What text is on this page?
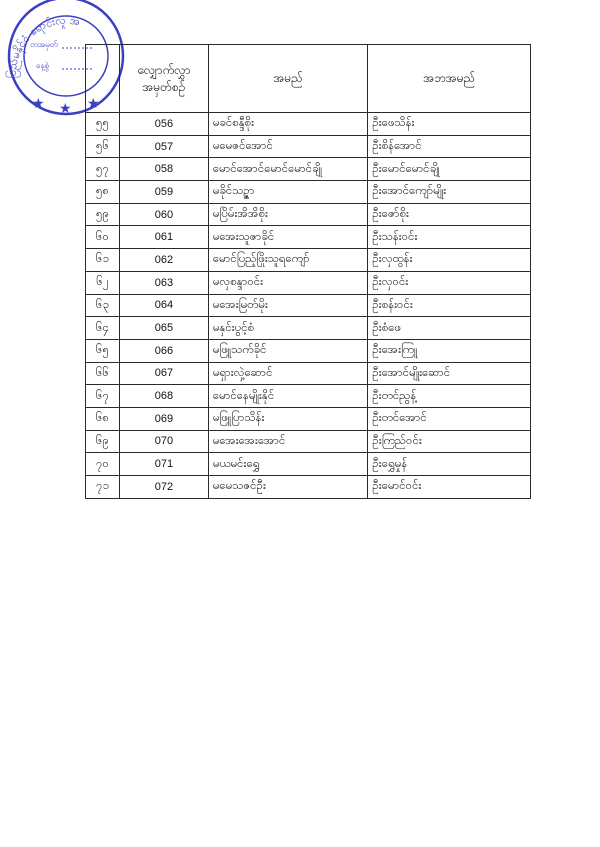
ပြည်မနိုင်ငံ ရောင်းလူ အ
တအမှတ်
နေ့စွဲ
★ ★ ★

	လျှောက်လွှာ
အမှတ်စဉ်	အမည်	အဘအမည်
၅၅	056	မခင်စန္ဒီစိုး	ဦးဖေသိန်း
၅၆	057	မမေဇင်အောင်	ဦးစိန်အောင်
၅၇	058	မောင်အောင်မောင်မောင်ချို	ဦးမောင်မောင်ချို
၅၈	059	မခိုင်သဥ္ဇာ	ဦးအောင်ကျော်မျိုး
၅၉	060	မပြိမ်းအိအိစိုး	ဦးဇော်စိုး
၆၀	061	မအေးသူဇာခိုင်	ဦးသန်းဝင်း
၆၁	062	မောင်ပြည့်ဖြိုးသူရကျော်	ဦးလှထွန်း
၆၂	063	မလှစန္ဒာဝင်း	ဦးလှဝင်း
၆၃	064	မအေးမြတ်မိုး	ဦးစန်းဝင်း
၆၄	065	မနှင်းပွင့်စံ	ဦးစံဖေ
၆၅	066	မဖြူသက်ခိုင်	ဦးအေးကြူ
၆၆	067	မရှားလှဲ့ဆောင်	ဦးအောင်မျိုးဆောင်
၆၇	068	မောင်နေမျိုးနိုင်	ဦးတင်ညွန့်
၆၈	069	မဖြူပြာသိန်း	ဦးတင်အောင်
၆၉	070	မအေးအေးအောင်	ဦးကြည်ဝင်း
၇၀	071	မယမင်းရွှေ	ဦးရွှေမှုန်
၇၁	072	မမေသဇင်ဦး	ဦးမောင်ဝင်း
